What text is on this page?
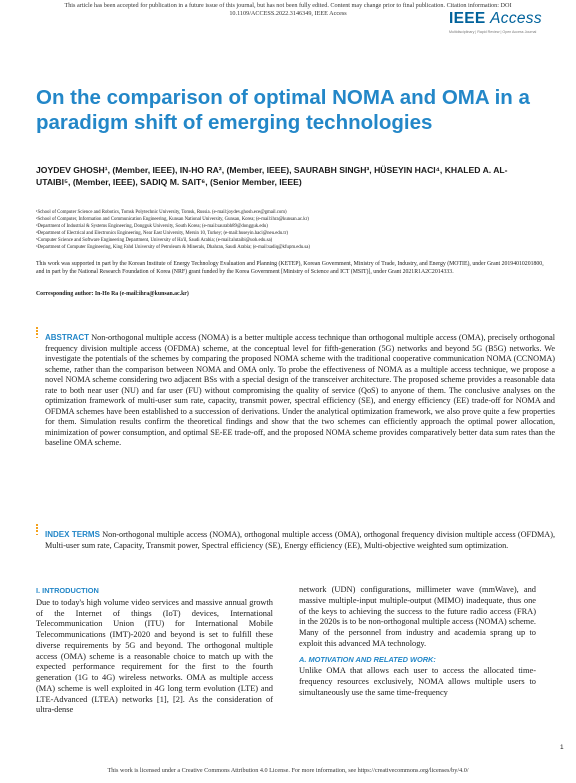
This article has been accepted for publication in a future issue of this journal, but has not been fully edited. Content may change prior to final publication. Citation information: DOI
10.1109/ACCESS.2022.3146349, IEEE Access	IEEE Access
Multidisciplinary | Rapid Review | Open Access Journal
On the comparison of optimal NOMA and OMA in a paradigm shift of emerging technologies
JOYDEV GHOSH¹, (Member, IEEE), IN-HO RA², (Member, IEEE), SAURABH SINGH³, HÜSEYIN HACI⁴, KHALED A. AL-UTAIBI⁵, (Member, IEEE), SADIQ M. SAIT⁶, (Senior Member, IEEE)
¹School of Computer Science and Robotics, Tomsk Polytechnic University, Tomsk, Russia. (e-mail:joydev.ghosh.ece@gmail.com)
²School of Computer, Information and Communication Engineering, Kunsan National University, Gunsan, Korea; (e-mail:ihra@kunsan.ac.kr)
³Department of Industrial & Systems Engineering, Dongguk University, South Korea; (e-mail:saurabh89@dongguk.edu)
⁴Department of Electrical and Electronics Engineering, Near East University, Mersin 10, Turkey; (e-mail:huseyin.haci@neu.edu.tr)
⁵Computer Science and Software Engineering Department, University of Ha'il, Saudi Arabia; (e-mail:alutaibi@uoh.edu.sa)
⁶Department of Computer Engineering, King Fahd University of Petroleum & Minerals, Dhahran, Saudi Arabia; (e-mail:sadiq@kfupm.edu.sa)
This work was supported in part by the Korean Institute of Energy Technology Evaluation and Planning (KETEP), Korean Government, Ministry of Trade, Industry, and Energy (MOTIE), under Grant 20194010201800, and in part by the National Research Foundation of Korea (NRF) grant funded by the Korea Government [Ministry of Science and ICT (MSIT)], under Grant 2021R1A2C2014333.
Corresponding author: In-Ho Ra (e-mail:ihra@kunsan.ac.kr)
ABSTRACT Non-orthogonal multiple access (NOMA) is a better multiple access technique than orthogonal multiple access (OMA), precisely orthogonal frequency division multiple access (OFDMA) scheme, at the conceptual level for fifth-generation (5G) networks and beyond 5G (B5G) networks. We investigate the potentials of the schemes by comparing the proposed NOMA scheme with the traditional cooperative communication NOMA (CCNOMA) scheme, rather than the comparison between NOMA and OMA only. To probe the effectiveness of NOMA as a multiple access technique, we propose a novel NOMA scheme considering two adjacent BSs with a special design of the transceiver architecture. The proposed scheme provides a reasonable data rate to both near user (NU) and far user (FU) without compromising the quality of service (QoS) to anyone of them. The conclusive analyses on the optimization framework of multi-user sum rate, capacity, transmit power, spectral efficiency (SE), and energy efficiency (EE) trade-off for NOMA and OFDMA schemes have been established to a succession of derivations. Under the analytical optimization framework, we also prove quite a few properties for them. Simulation results confirm the theoretical findings and show that the two schemes can efficiently approach the optimal power allocation, minimization of power consumption, and optimal SE-EE trade-off, and the proposed NOMA scheme provides comparatively better data sum rates than the baseline OMA scheme.
INDEX TERMS Non-orthogonal multiple access (NOMA), orthogonal multiple access (OMA), orthogonal frequency division multiple access (OFDMA), Multi-user sum rate, Capacity, Transmit power, Spectral efficiency (SE), Energy efficiency (EE), Multi-objective weighted sum optimization.
I. INTRODUCTION
Due to today's high volume video services and massive annual growth of the Internet of things (IoT) devices, International Telecommunication Union (ITU) for International Mobile Telecommunications (IMT)-2020 and beyond is set to fulfill these diverse requirements by 5G and beyond. The orthogonal multiple access (OMA) scheme is a reasonable choice to match up with the expected performance requirement for the first to the fourth generation (1G to 4G) wireless networks. OMA as multiple access (MA) scheme is well exploited in 4G long term evolution (LTE) and LTE-Advanced (LTEA) networks [1], [2]. As the consideration of ultra-dense
network (UDN) configurations, millimeter wave (mmWave), and massive multiple-input multiple-output (MIMO) inadequate, thus one of the keys to achieving the success to the future radio access (FRA) in the 2020s is to be non-orthogonal multiple access (NOMA) scheme. Many of the personnel from industry and academia sprang up to exploit this advanced MA technology.
A. MOTIVATION AND RELATED WORK:
Unlike OMA that allows each user to access the allocated time-frequency resources exclusively, NOMA allows multiple users to simultaneously use the same time-frequency
1
This work is licensed under a Creative Commons Attribution 4.0 License. For more information, see https://creativecommons.org/licenses/by/4.0/
